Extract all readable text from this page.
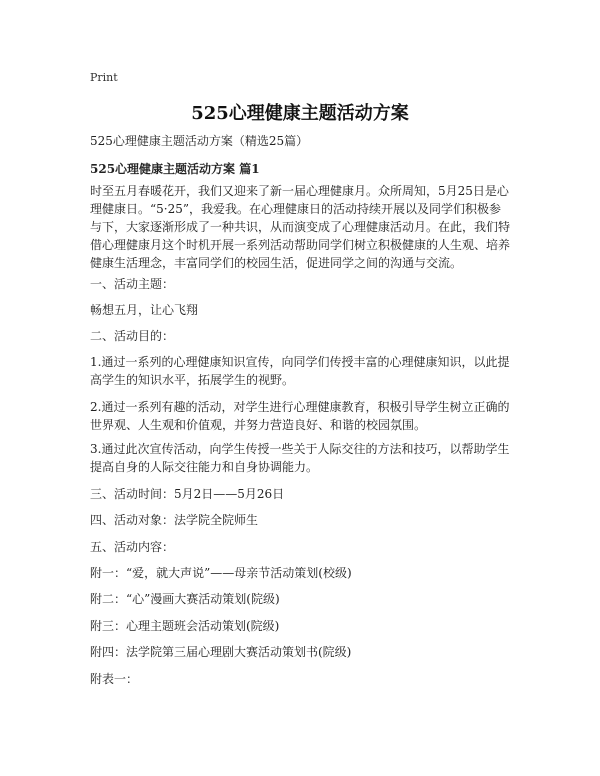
Print
525心理健康主题活动方案
525心理健康主题活动方案（精选25篇）
525心理健康主题活动方案 篇1
时至五月春暖花开，我们又迎来了新一届心理健康月。众所周知，5月25日是心理健康日。“5·25”，我爱我。在心理健康日的活动持续开展以及同学们积极参与下，大家逐渐形成了一种共识，从而演变成了心理健康活动月。在此，我们特借心理健康月这个时机开展一系列活动帮助同学们树立积极健康的人生观、培养健康生活理念，丰富同学们的校园生活，促进同学之间的沟通与交流。
一、活动主题：
畅想五月，让心飞翔
二、活动目的：
1.通过一系列的心理健康知识宣传，向同学们传授丰富的心理健康知识，以此提高学生的知识水平，拓展学生的视野。
2.通过一系列有趣的活动，对学生进行心理健康教育，积极引导学生树立正确的世界观、人生观和价值观，并努力营造良好、和谐的校园氛围。
3.通过此次宣传活动，向学生传授一些关于人际交往的方法和技巧，以帮助学生提高自身的人际交往能力和自身协调能力。
三、活动时间：5月2日——5月26日
四、活动对象：法学院全院师生
五、活动内容：
附一：“爱，就大声说”——母亲节活动策划(校级)
附二：“心”漫画大赛活动策划(院级)
附三：心理主题班会活动策划(院级)
附四：法学院第三届心理剧大赛活动策划书(院级)
附表一：
